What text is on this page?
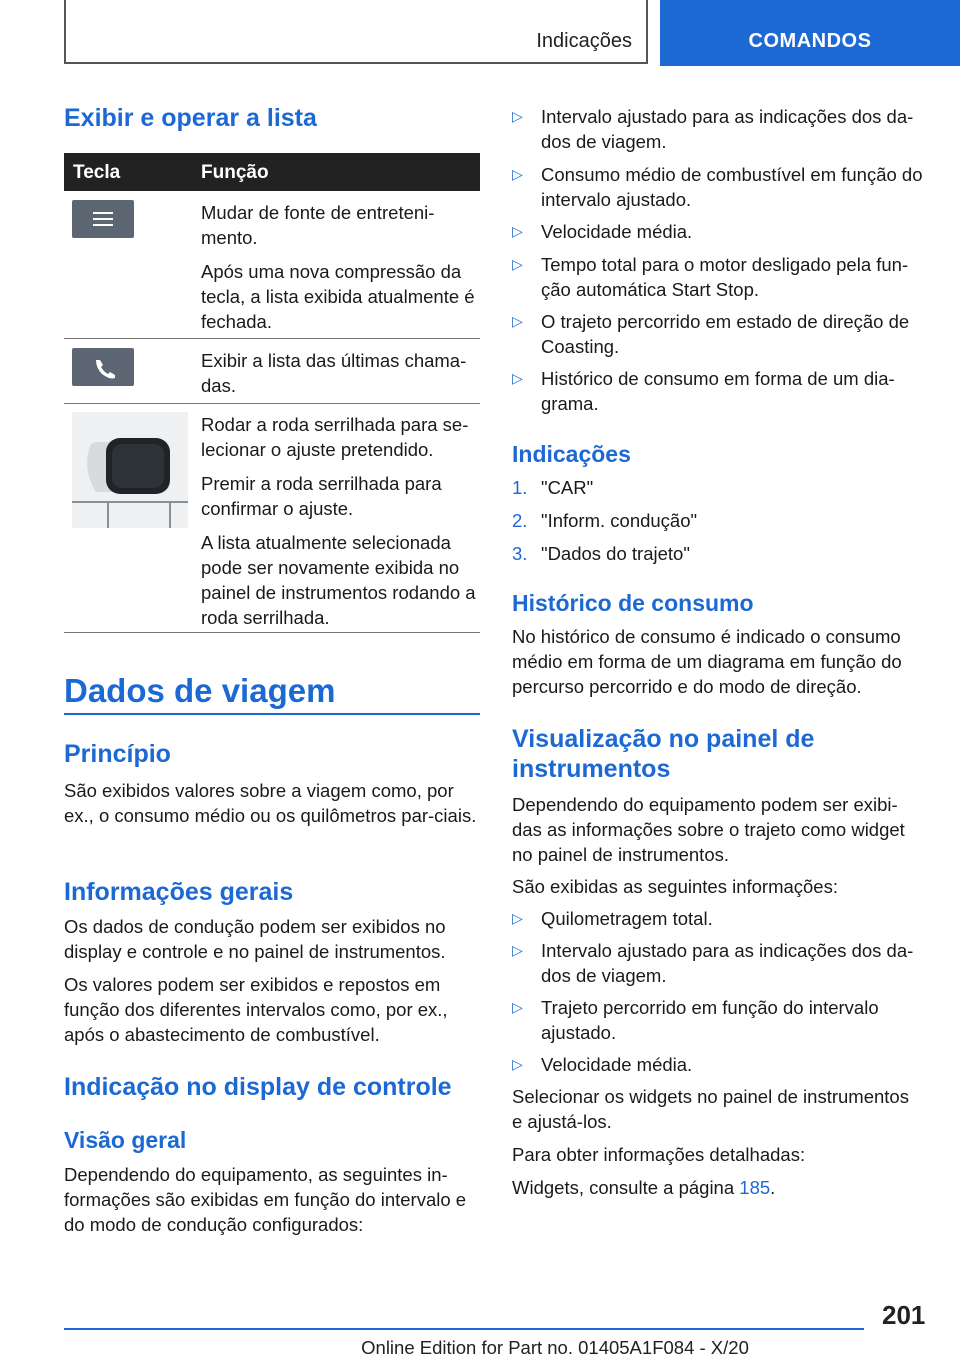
Indicações	COMANDOS
Exibir e operar a lista
Tecla	Função

Mudar de fonte de entreteni-mento.

Após uma nova compressão da tecla, a lista exibida atualmente é fechada.

Exibir a lista das últimas chama-das.

Rodar a roda serrilhada para se-lecionar o ajuste pretendido.

Premir a roda serrilhada para confirmar o ajuste.

A lista atualmente selecionada pode ser novamente exibida no painel de instrumentos rodando a roda serrilhada.

Dados de viagem
Princípio

São exibidos valores sobre a viagem como, por ex., o consumo médio ou os quilômetros par-ciais.

Informações gerais

Os dados de condução podem ser exibidos no display e controle e no painel de instrumentos.

Os valores podem ser exibidos e repostos em função dos diferentes intervalos como, por ex., após o abastecimento de combustível.

Indicação no display de controle
Visão geral

Dependendo do equipamento, as seguintes in-formações são exibidas em função do intervalo e do modo de condução configurados:

▷ Intervalo ajustado para as indicações dos da-dos de viagem.
▷ Consumo médio de combustível em função do intervalo ajustado.
▷ Velocidade média.
▷ Tempo total para o motor desligado pela fun-ção automática Start Stop.
▷ O trajeto percorrido em estado de direção de Coasting.
▷ Histórico de consumo em forma de um dia-grama.
Indicações
1. "CAR"
2. "Inform. condução"
3. "Dados do trajeto"
Histórico de consumo

No histórico de consumo é indicado o consumo médio em forma de um diagrama em função do percurso percorrido e do modo de direção.

Visualização no painel de
instrumentos

Dependendo do equipamento podem ser exibi-das as informações sobre o trajeto como widget no painel de instrumentos.

São exibidas as seguintes informações:

▷ Quilometragem total.
▷ Intervalo ajustado para as indicações dos da-dos de viagem.
▷ Trajeto percorrido em função do intervalo ajustado.
▷ Velocidade média.

Selecionar os widgets no painel de instrumentos e ajustá-los.

Para obter informações detalhadas:

Widgets, consulte a página 185.

201
Online Edition for Part no. 01405A1F084 - X/20
